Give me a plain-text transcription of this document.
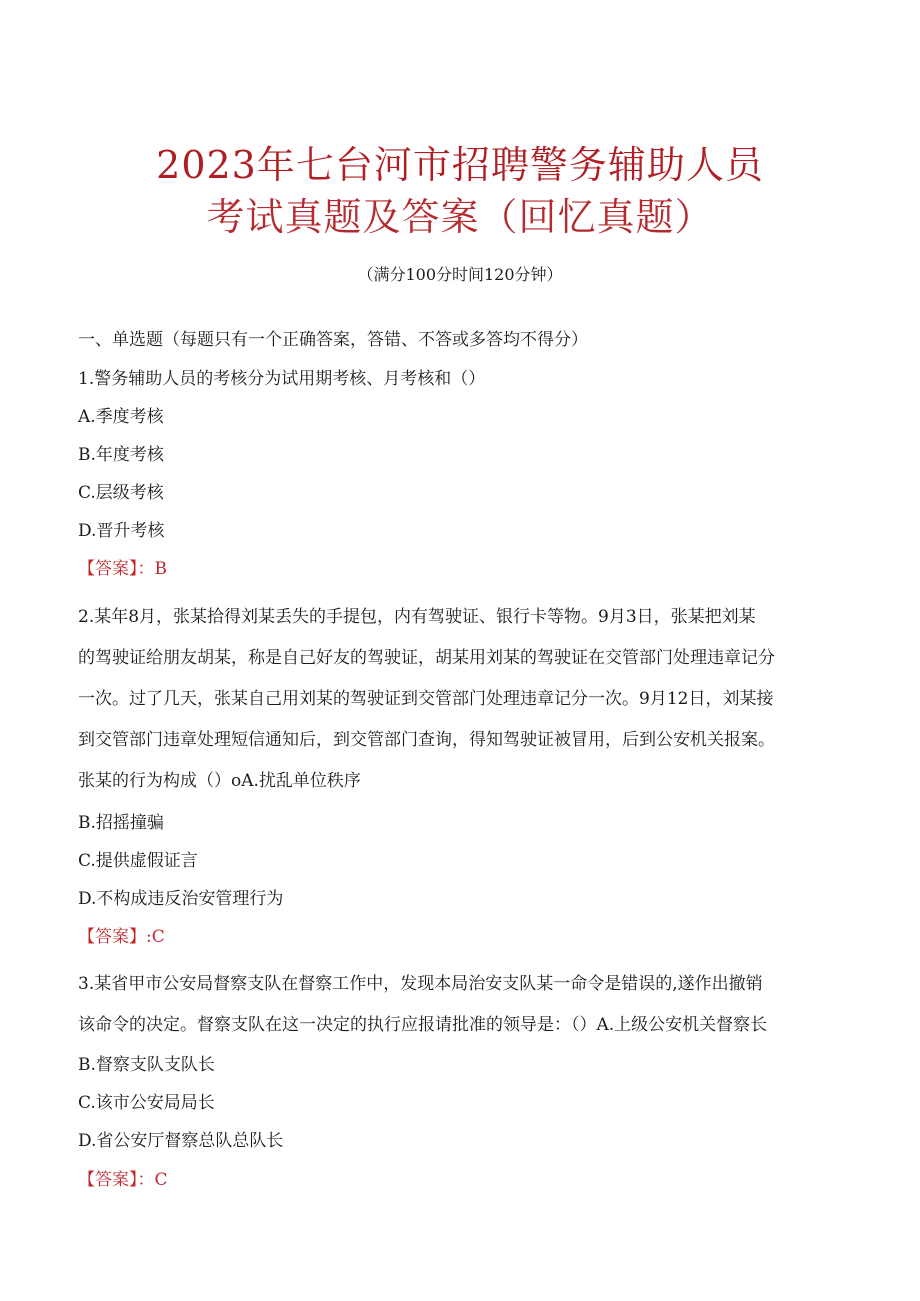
2023年七台河市招聘警务辅助人员
考试真题及答案（回忆真题）
（满分100分时间120分钟）
一、单选题（每题只有一个正确答案，答错、不答或多答均不得分）
1.警务辅助人员的考核分为试用期考核、月考核和（）
A.季度考核
B.年度考核
C.层级考核
D.晋升考核
【答案】：B
2.某年8月，张某拾得刘某丢失的手提包，内有驾驶证、银行卡等物。9月3日，张某把刘某
的驾驶证给朋友胡某，称是自己好友的驾驶证，胡某用刘某的驾驶证在交管部门处理违章记分
一次。过了几天，张某自己用刘某的驾驶证到交管部门处理违章记分一次。9月12日，刘某接
到交管部门违章处理短信通知后，到交管部门查询，得知驾驶证被冒用，后到公安机关报案。
张某的行为构成（）oA.扰乱单位秩序
B.招摇撞骗
C.提供虚假证言
D.不构成违反治安管理行为
【答案】:C
3.某省甲市公安局督察支队在督察工作中，发现本局治安支队某一命令是错误的,遂作出撤销
该命令的决定。督察支队在这一决定的执行应报请批准的领导是：（）A.上级公安机关督察长
B.督察支队支队长
C.该市公安局局长
D.省公安厅督察总队总队长
【答案】：C
